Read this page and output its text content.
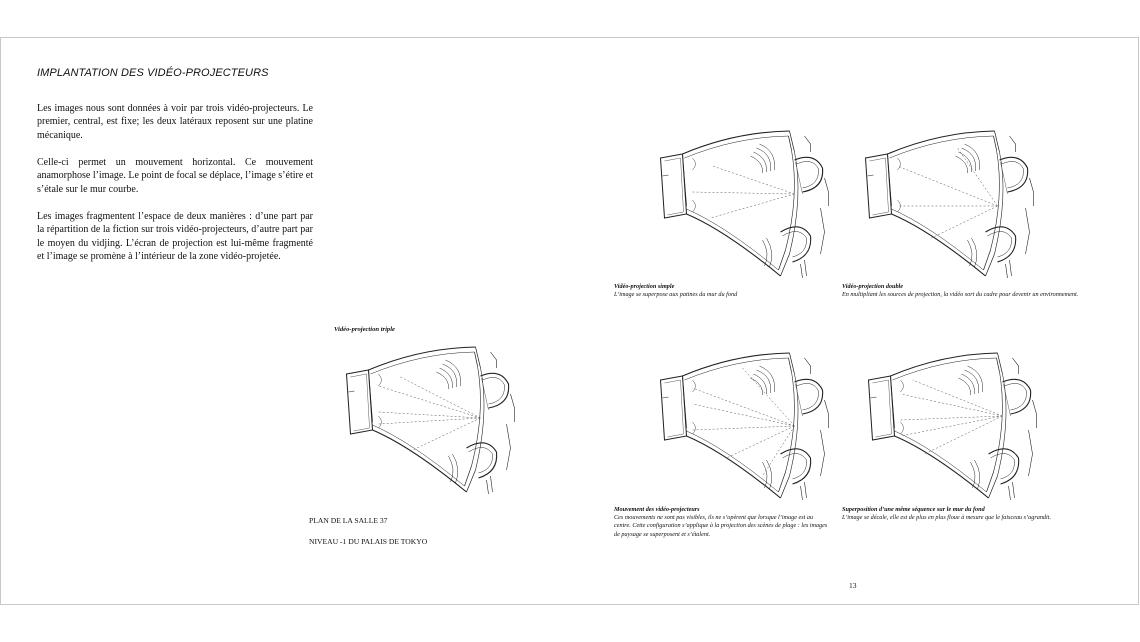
IMPLANTATION DES VIDÉO-PROJECTEURS
Les images nous sont données à voir par trois vidéo-projecteurs. Le premier, central, est fixe; les deux latéraux reposent sur une platine mécanique.
Celle-ci permet un mouvement horizontal. Ce mouvement anamorphose l’image. Le point de focal se déplace, l’image s’étire et s’étale sur le mur courbe.
Les images fragmentent l’espace de deux manières : d’une part par la répartition de la fiction sur trois vidéo-projecteurs, d’autre part par le moyen du vidjing. L’écran de projection est lui-même fragmenté et l’image se promène à l’intérieur de la zone vidéo-projetée.
Vidéo-projection triple
Vidéo-projection simple
L’image se superpose aux patines du mur du fond
Vidéo-projection double
En multipliant les sources de projection, la vidéo sort du cadre pour devenir un environnement.
Mouvement des vidéo-projecteurs
Ces mouvements ne sont pas visibles, ils ne s’opèrent que lorsque l’image est au centre. Cette configuration s’applique à la projection des scènes de plage : les images de paysage se superposent et s’étalent.
Superposition d’une même séquence sur le mur du fond
L’image se décale, elle est de plus en plus floue à mesure que le faisceau s’agrandit.
PLAN DE LA SALLE 37
NIVEAU -1 DU PALAIS DE TOKYO
13
